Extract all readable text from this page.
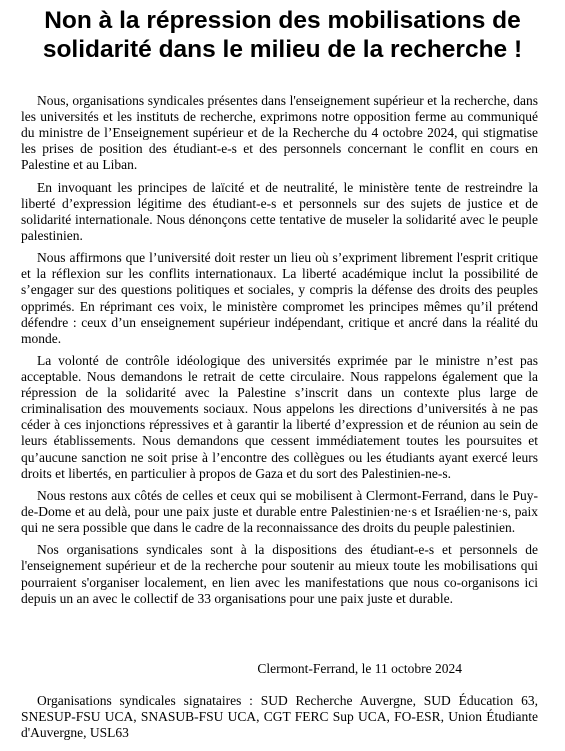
Non à la répression des mobilisations de solidarité dans le milieu de la recherche !

Nous, organisations syndicales présentes dans l'enseignement supérieur et la recherche, dans les universités et les instituts de recherche, exprimons notre opposition ferme au communiqué du ministre de l’Enseignement supérieur et de la Recherche du 4 octobre 2024, qui stigmatise les prises de position des étudiant-e-s et des personnels concernant le conflit en cours en Palestine et au Liban.

En invoquant les principes de laïcité et de neutralité, le ministère tente de restreindre la liberté d’expression légitime des étudiant-e-s et personnels sur des sujets de justice et de solidarité internationale. Nous dénonçons cette tentative de museler la solidarité avec le peuple palestinien.

Nous affirmons que l’université doit rester un lieu où s’expriment librement l'esprit critique et la réflexion sur les conflits internationaux. La liberté académique inclut la possibilité de s’engager sur des questions politiques et sociales, y compris la défense des droits des peuples opprimés. En réprimant ces voix, le ministère compromet les principes mêmes qu’il prétend défendre : ceux d’un enseignement supérieur indépendant, critique et ancré dans la réalité du monde.

La volonté de contrôle idéologique des universités exprimée par le ministre n’est pas acceptable. Nous demandons le retrait de cette circulaire. Nous rappelons également que la répression de la solidarité avec la Palestine s’inscrit dans un contexte plus large de criminalisation des mouvements sociaux. Nous appelons les directions d’universités à ne pas céder à ces injonctions répressives et à garantir la liberté d’expression et de réunion au sein de leurs établissements. Nous demandons que cessent immédiatement toutes les poursuites et qu’aucune sanction ne soit prise à l’encontre des collègues ou les étudiants ayant exercé leurs droits et libertés, en particulier à propos de Gaza et du sort des Palestinien-ne-s.

Nous restons aux côtés de celles et ceux qui se mobilisent à Clermont-Ferrand, dans le Puy-de-Dome et au delà, pour une paix juste et durable entre Palestinien·ne·s et Israélien·ne·s, paix qui ne sera possible que dans le cadre de la reconnaissance des droits du peuple palestinien.

Nos organisations syndicales sont à la dispositions des étudiant-e-s et personnels de l'enseignement supérieur et de la recherche pour soutenir au mieux toute les mobilisations qui pourraient s'organiser localement, en lien avec les manifestations que nous co-organisons ici depuis un an avec le collectif de 33 organisations pour une paix juste et durable.

Clermont-Ferrand, le 11 octobre 2024

Organisations syndicales signataires : SUD Recherche Auvergne, SUD Éducation 63, SNESUP-FSU UCA, SNASUB-FSU UCA, CGT FERC Sup UCA, FO-ESR, Union Étudiante d'Auvergne, USL63
